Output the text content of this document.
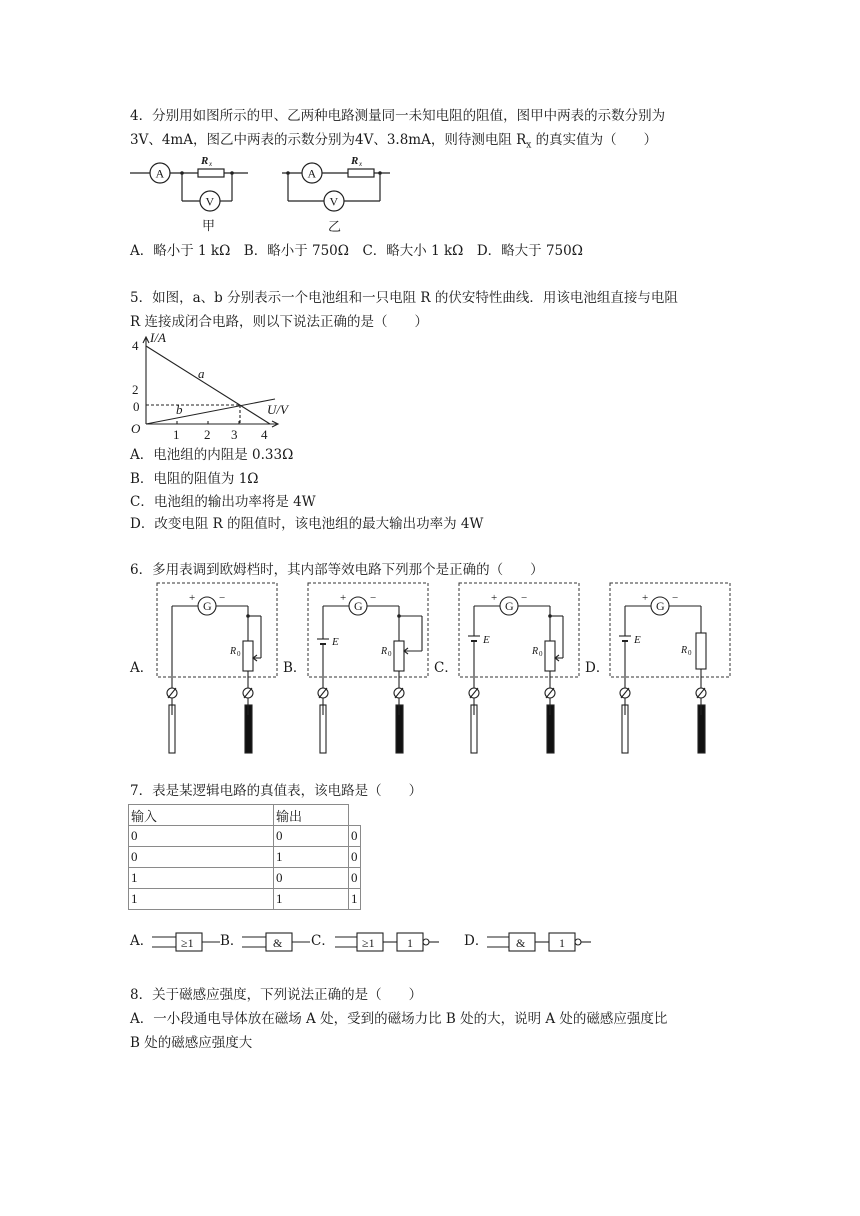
4．分别用如图所示的甲、乙两种电路测量同一未知电阻的阻值，图甲中两表的示数分别为
3V、4mA，图乙中两表的示数分别为4V、3.8mA，则待测电阻 $R_x$ 的真实值为（　　）
A
V
R x
甲
A
V
R x
乙
A．略小于 1 kΩ　B．略小于 750Ω　C．略大小 1 kΩ　D．略大于 750Ω
5．如图，a、b 分别表示一个电池组和一只电阻 R 的伏安特性曲线．用该电池组直接与电阻
R 连接成闭合电路，则以下说法正确的是（　　）
4
2
0
I/A
U/V
O	1 2 3 4
a
b
A．电池组的内阻是 0.33Ω
B．电阻的阻值为 1Ω
C．电池组的输出功率将是 4W
D．改变电阻 R 的阻值时，该电池组的最大输出功率为 4W
6．多用表调到欧姆档时，其内部等效电路下列那个是正确的（　　）
G
+ −
R 0
G
+ −
E
R 0
G
+ −
E
R 0
G
+ −
E
R 0
A．	B．	C．	D．
7．表是某逻辑电路的真值表，该电路是（　　）
输入	输出	
0	0	0
0	1	0
1	0	0
1	1	1
A． ≥1 B． & C． ≥1	1	D． &	1
8．关于磁感应强度，下列说法正确的是（　　）
A．一小段通电导体放在磁场 A 处，受到的磁场力比 B 处的大，说明 A 处的磁感应强度比
B 处的磁感应强度大
